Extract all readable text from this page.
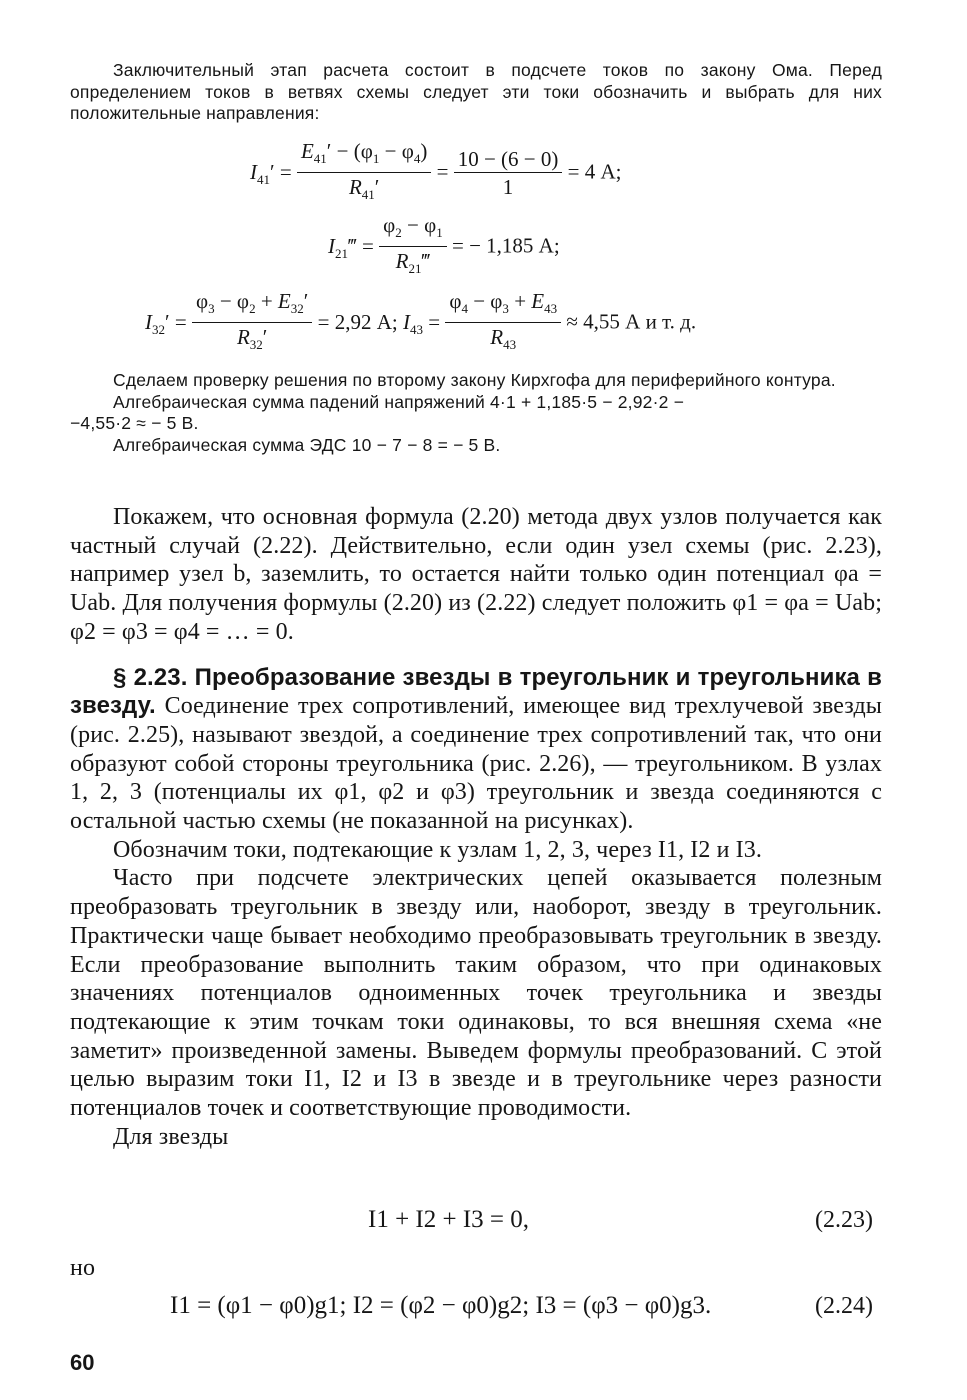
Заключительный этап расчета состоит в подсчете токов по закону Ома. Перед определением токов в ветвях схемы следует эти токи обозначить и выбрать для них положительные направления:

$I_{41}' = \frac{E_{41}' - (\varphi_1 - \varphi_4)}{R_{41}'} = \frac{10 - (6 - 0)}{1} = 4$ А;
$I_{21}‴ = \frac{\varphi_2 - \varphi_1}{R_{21}‴}$ = − 1,185 А;
$I_{32}' = \frac{\varphi_3 - \varphi_2 + E_{32}'}{R_{32}'} = 2,92$ А; $I_{43} = \frac{\varphi_4 - \varphi_3 + E_{43}}{R_{43}} \approx 4,55$ А и т. д.

Сделаем проверку решения по второму закону Кирхгофа для периферийного контура.

Алгебраическая сумма падений напряжений 4·1 + 1,185·5 − 2,92·2 −

−4,55·2 ≈ − 5 В.

Алгебраическая сумма ЭДС 10 − 7 − 8 = − 5 В.

Покажем, что основная формула (2.20) метода двух узлов получается как частный случай (2.22). Действительно, если один узел схемы (рис. 2.23), например узел b, заземлить, то остается найти только один потенциал φa = Uab. Для получения формулы (2.20) из (2.22) следует положить φ1 = φa = Uab; φ2 = φ3 = φ4 = … = 0.

§ 2.23. Преобразование звезды в треугольник и треугольника в звезду. Соединение трех сопротивлений, имеющее вид трехлучевой звезды (рис. 2.25), называют звездой, а соединение трех сопротивлений так, что они образуют собой стороны треугольника (рис. 2.26), — треугольником. В узлах 1, 2, 3 (потенциалы их φ1, φ2 и φ3) треугольник и звезда соединяются с остальной частью схемы (не показанной на рисунках).

Обозначим токи, подтекающие к узлам 1, 2, 3, через I1, I2 и I3.

Часто при подсчете электрических цепей оказывается полезным преобразовать треугольник в звезду или, наоборот, звезду в треугольник. Практически чаще бывает необходимо преобразовывать треугольник в звезду. Если преобразование выполнить таким образом, что при одинаковых значениях потенциалов одноименных точек треугольника и звезды подтекающие к этим точкам токи одинаковы, то вся внешняя схема «не заметит» произведенной замены. Выведем формулы преобразований. С этой целью выразим токи I1, I2 и I3 в звезде и в треугольнике через разности потенциалов точек и соответствующие проводимости.

Для звезды

I1 + I2 + I3 = 0,	(2.23)
но
I1 = (φ1 − φ0)g1; I2 = (φ2 − φ0)g2; I3 = (φ3 − φ0)g3.	(2.24)
60
